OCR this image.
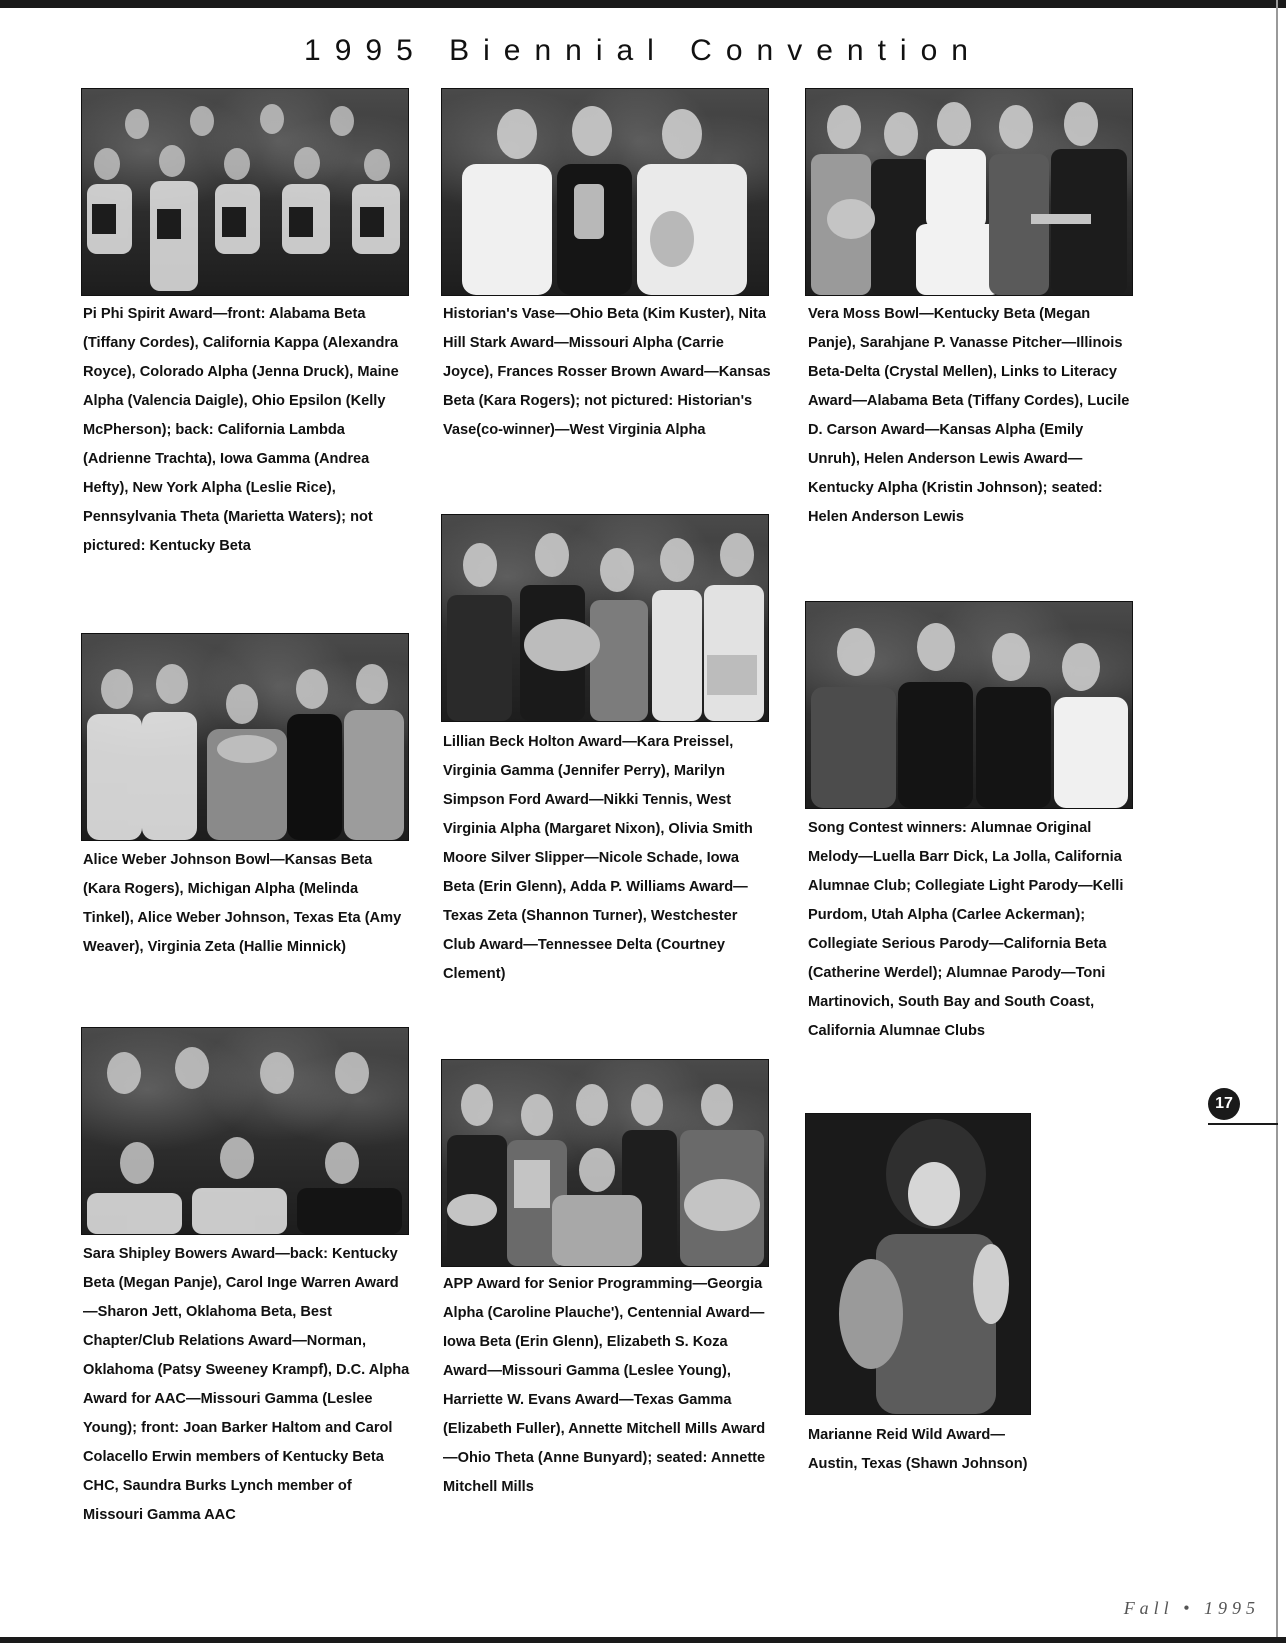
1995 Biennial Convention
Pi Phi Spirit Award—front: Alabama Beta (Tiffany Cordes), California Kappa (Alexandra Royce), Colorado Alpha (Jenna Druck), Maine Alpha (Valencia Daigle), Ohio Epsilon (Kelly McPherson); back: California Lambda (Adrienne Trachta), Iowa Gamma (Andrea Hefty), New York Alpha (Leslie Rice), Pennsylvania Theta (Marietta Waters); not pictured: Kentucky Beta
Alice Weber Johnson Bowl—Kansas Beta (Kara Rogers), Michigan Alpha (Melinda Tinkel), Alice Weber Johnson, Texas Eta (Amy Weaver), Virginia Zeta (Hallie Minnick)
Sara Shipley Bowers Award—back: Kentucky Beta (Megan Panje), Carol Inge Warren Award—Sharon Jett, Oklahoma Beta, Best Chapter/Club Relations Award—Norman, Oklahoma (Patsy Sweeney Krampf), D.C. Alpha Award for AAC—Missouri Gamma (Leslee Young); front: Joan Barker Haltom and Carol Colacello Erwin members of Kentucky Beta CHC, Saundra Burks Lynch member of Missouri Gamma AAC
Historian's Vase—Ohio Beta (Kim Kuster), Nita Hill Stark Award—Missouri Alpha (Carrie Joyce), Frances Rosser Brown Award—Kansas Beta (Kara Rogers); not pictured: Historian's Vase(co-winner)—West Virginia Alpha
Lillian Beck Holton Award—Kara Preissel, Virginia Gamma (Jennifer Perry), Marilyn Simpson Ford Award—Nikki Tennis, West Virginia Alpha (Margaret Nixon), Olivia Smith Moore Silver Slipper—Nicole Schade, Iowa Beta (Erin Glenn), Adda P. Williams Award—Texas Zeta (Shannon Turner), Westchester Club Award—Tennessee Delta (Courtney Clement)
APP Award for Senior Programming—Georgia Alpha (Caroline Plauche'), Centennial Award—Iowa Beta (Erin Glenn), Elizabeth S. Koza Award—Missouri Gamma (Leslee Young), Harriette W. Evans Award—Texas Gamma (Elizabeth Fuller), Annette Mitchell Mills Award—Ohio Theta (Anne Bunyard); seated: Annette Mitchell Mills
Vera Moss Bowl—Kentucky Beta (Megan Panje), Sarahjane P. Vanasse Pitcher—Illinois Beta-Delta (Crystal Mellen), Links to Literacy Award—Alabama Beta (Tiffany Cordes), Lucile D. Carson Award—Kansas Alpha (Emily Unruh), Helen Anderson Lewis Award—Kentucky Alpha (Kristin Johnson); seated: Helen Anderson Lewis
Song Contest winners: Alumnae Original Melody—Luella Barr Dick, La Jolla, California Alumnae Club; Collegiate Light Parody—Kelli Purdom, Utah Alpha (Carlee Ackerman); Collegiate Serious Parody—California Beta (Catherine Werdel); Alumnae Parody—Toni Martinovich, South Bay and South Coast, California Alumnae Clubs
Marianne Reid Wild Award—Austin, Texas (Shawn Johnson)
17
Fall • 1995
